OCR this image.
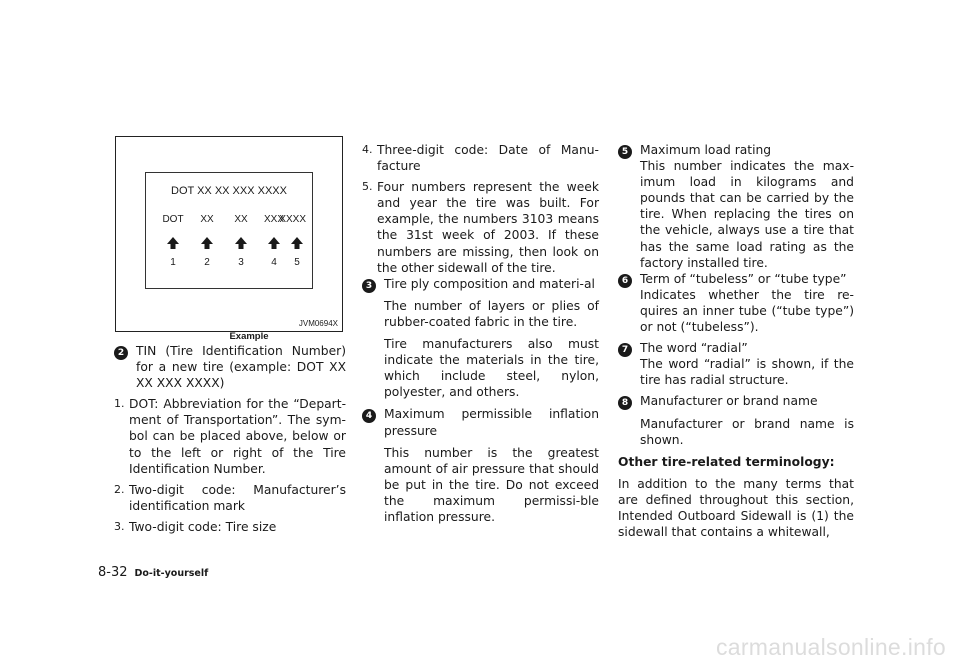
DOT XX XX XXX XXXX
DOT XX XX XXX
XXXX
1	2	3	4 5
JVM0694X
Example
2 TIN (Tire Identification Number) for a new tire (example: DOT XX XX XXX XXXX)
1. DOT: Abbreviation for the “Depart-ment of Transportation”. The sym-bol can be placed above, below or to the left or right of the Tire Identification Number.
2. Two-digit code: Manufacturer’s identification mark
3. Two-digit code: Tire size
4. Three-digit code: Date of Manu-facture
5. Four numbers represent the week and year the tire was built. For example, the numbers 3103 means the 31st week of 2003. If these numbers are missing, then look on the other sidewall of the tire.
3 Tire ply composition and materi-al
The number of layers or plies of rubber-coated fabric in the tire.
Tire manufacturers also must indicate the materials in the tire, which include steel, nylon, polyester, and others.
4 Maximum permissible inflation pressure
This number is the greatest amount of air pressure that should be put in the tire. Do not exceed the maximum permissi-ble inflation pressure.
5 Maximum load rating
This number indicates the max-imum load in kilograms and pounds that can be carried by the tire. When replacing the tires on the vehicle, always use a tire that has the same load rating as the factory installed tire.
6 Term of “tubeless” or “tube type”
Indicates whether the tire re-quires an inner tube (“tube type”) or not (“tubeless”).
7 The word “radial”
The word “radial” is shown, if the tire has radial structure.
8 Manufacturer or brand name
Manufacturer or brand name is shown.
Other tire-related terminology:
In addition to the many terms that are defined throughout this section, Intended Outboard Sidewall is (1) the sidewall that contains a whitewall,
8-32 Do-it-yourself
carmanualsonline.info
